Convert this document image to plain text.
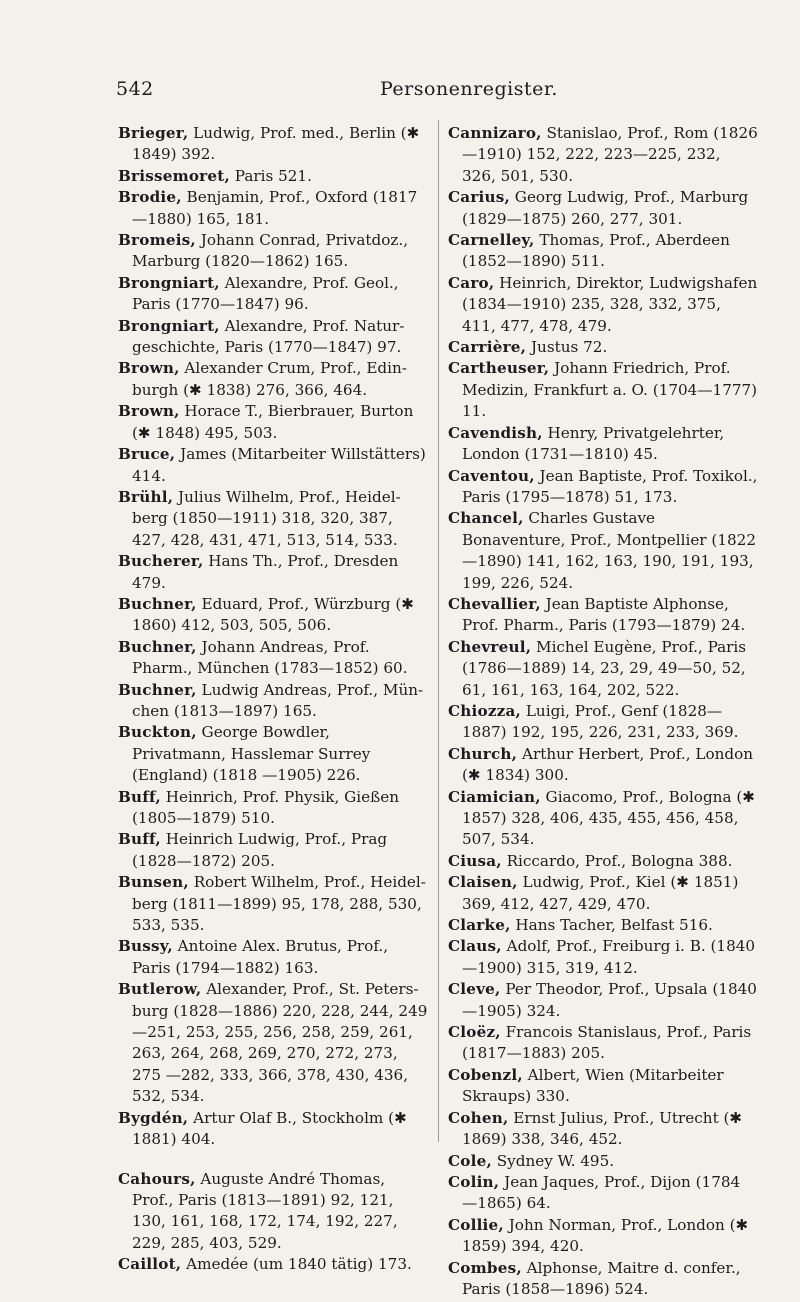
542	Personenregister.

Brieger, Ludwig, Prof. med., Berlin (✱ 1849) 392.

Brissemoret, Paris 521.

Brodie, Benjamin, Prof., Oxford (1817 —1880) 165, 181.

Bromeis, Johann Conrad, Privatdoz., Marburg (1820—1862) 165.

Brongniart, Alexandre, Prof. Geol., Paris (1770—1847) 96.

Brongniart, Alexandre, Prof. Natur-geschichte, Paris (1770—1847) 97.

Brown, Alexander Crum, Prof., Edin-burgh (✱ 1838) 276, 366, 464.

Brown, Horace T., Bierbrauer, Burton (✱ 1848) 495, 503.

Bruce, James (Mitarbeiter Willstätters) 414.

Brühl, Julius Wilhelm, Prof., Heidel-berg (1850—1911) 318, 320, 387, 427, 428, 431, 471, 513, 514, 533.

Bucherer, Hans Th., Prof., Dresden 479.

Buchner, Eduard, Prof., Würzburg (✱ 1860) 412, 503, 505, 506.

Buchner, Johann Andreas, Prof. Pharm., München (1783—1852) 60.

Buchner, Ludwig Andreas, Prof., Mün-chen (1813—1897) 165.

Buckton, George Bowdler, Privatmann, Hasslemar Surrey (England) (1818 —1905) 226.

Buff, Heinrich, Prof. Physik, Gießen (1805—1879) 510.

Buff, Heinrich Ludwig, Prof., Prag (1828—1872) 205.

Bunsen, Robert Wilhelm, Prof., Heidel-berg (1811—1899) 95, 178, 288, 530, 533, 535.

Bussy, Antoine Alex. Brutus, Prof., Paris (1794—1882) 163.

Butlerow, Alexander, Prof., St. Peters-burg (1828—1886) 220, 228, 244, 249 —251, 253, 255, 256, 258, 259, 261, 263, 264, 268, 269, 270, 272, 273, 275 —282, 333, 366, 378, 430, 436, 532, 534.

Bygdén, Artur Olaf B., Stockholm (✱ 1881) 404.

Cahours, Auguste André Thomas, Prof., Paris (1813—1891) 92, 121, 130, 161, 168, 172, 174, 192, 227, 229, 285, 403, 529.

Caillot, Amedée (um 1840 tätig) 173.

Cannizaro, Stanislao, Prof., Rom (1826 —1910) 152, 222, 223—225, 232, 326, 501, 530.

Carius, Georg Ludwig, Prof., Marburg (1829—1875) 260, 277, 301.

Carnelley, Thomas, Prof., Aberdeen (1852—1890) 511.

Caro, Heinrich, Direktor, Ludwigshafen (1834—1910) 235, 328, 332, 375, 411, 477, 478, 479.

Carrière, Justus 72.

Cartheuser, Johann Friedrich, Prof. Medizin, Frankfurt a. O. (1704—1777) 11.

Cavendish, Henry, Privatgelehrter, London (1731—1810) 45.

Caventou, Jean Baptiste, Prof. Toxikol., Paris (1795—1878) 51, 173.

Chancel, Charles Gustave Bonaventure, Prof., Montpellier (1822—1890) 141, 162, 163, 190, 191, 193, 199, 226, 524.

Chevallier, Jean Baptiste Alphonse, Prof. Pharm., Paris (1793—1879) 24.

Chevreul, Michel Eugène, Prof., Paris (1786—1889) 14, 23, 29, 49—50, 52, 61, 161, 163, 164, 202, 522.

Chiozza, Luigi, Prof., Genf (1828—1887) 192, 195, 226, 231, 233, 369.

Church, Arthur Herbert, Prof., London (✱ 1834) 300.

Ciamician, Giacomo, Prof., Bologna (✱ 1857) 328, 406, 435, 455, 456, 458, 507, 534.

Ciusa, Riccardo, Prof., Bologna 388.

Claisen, Ludwig, Prof., Kiel (✱ 1851) 369, 412, 427, 429, 470.

Clarke, Hans Tacher, Belfast 516.

Claus, Adolf, Prof., Freiburg i. B. (1840—1900) 315, 319, 412.

Cleve, Per Theodor, Prof., Upsala (1840—1905) 324.

Cloëz, Francois Stanislaus, Prof., Paris (1817—1883) 205.

Cobenzl, Albert, Wien (Mitarbeiter Skraups) 330.

Cohen, Ernst Julius, Prof., Utrecht (✱ 1869) 338, 346, 452.

Cole, Sydney W. 495.

Colin, Jean Jaques, Prof., Dijon (1784 —1865) 64.

Collie, John Norman, Prof., London (✱ 1859) 394, 420.

Combes, Alphonse, Maitre d. confer., Paris (1858—1896) 524.
